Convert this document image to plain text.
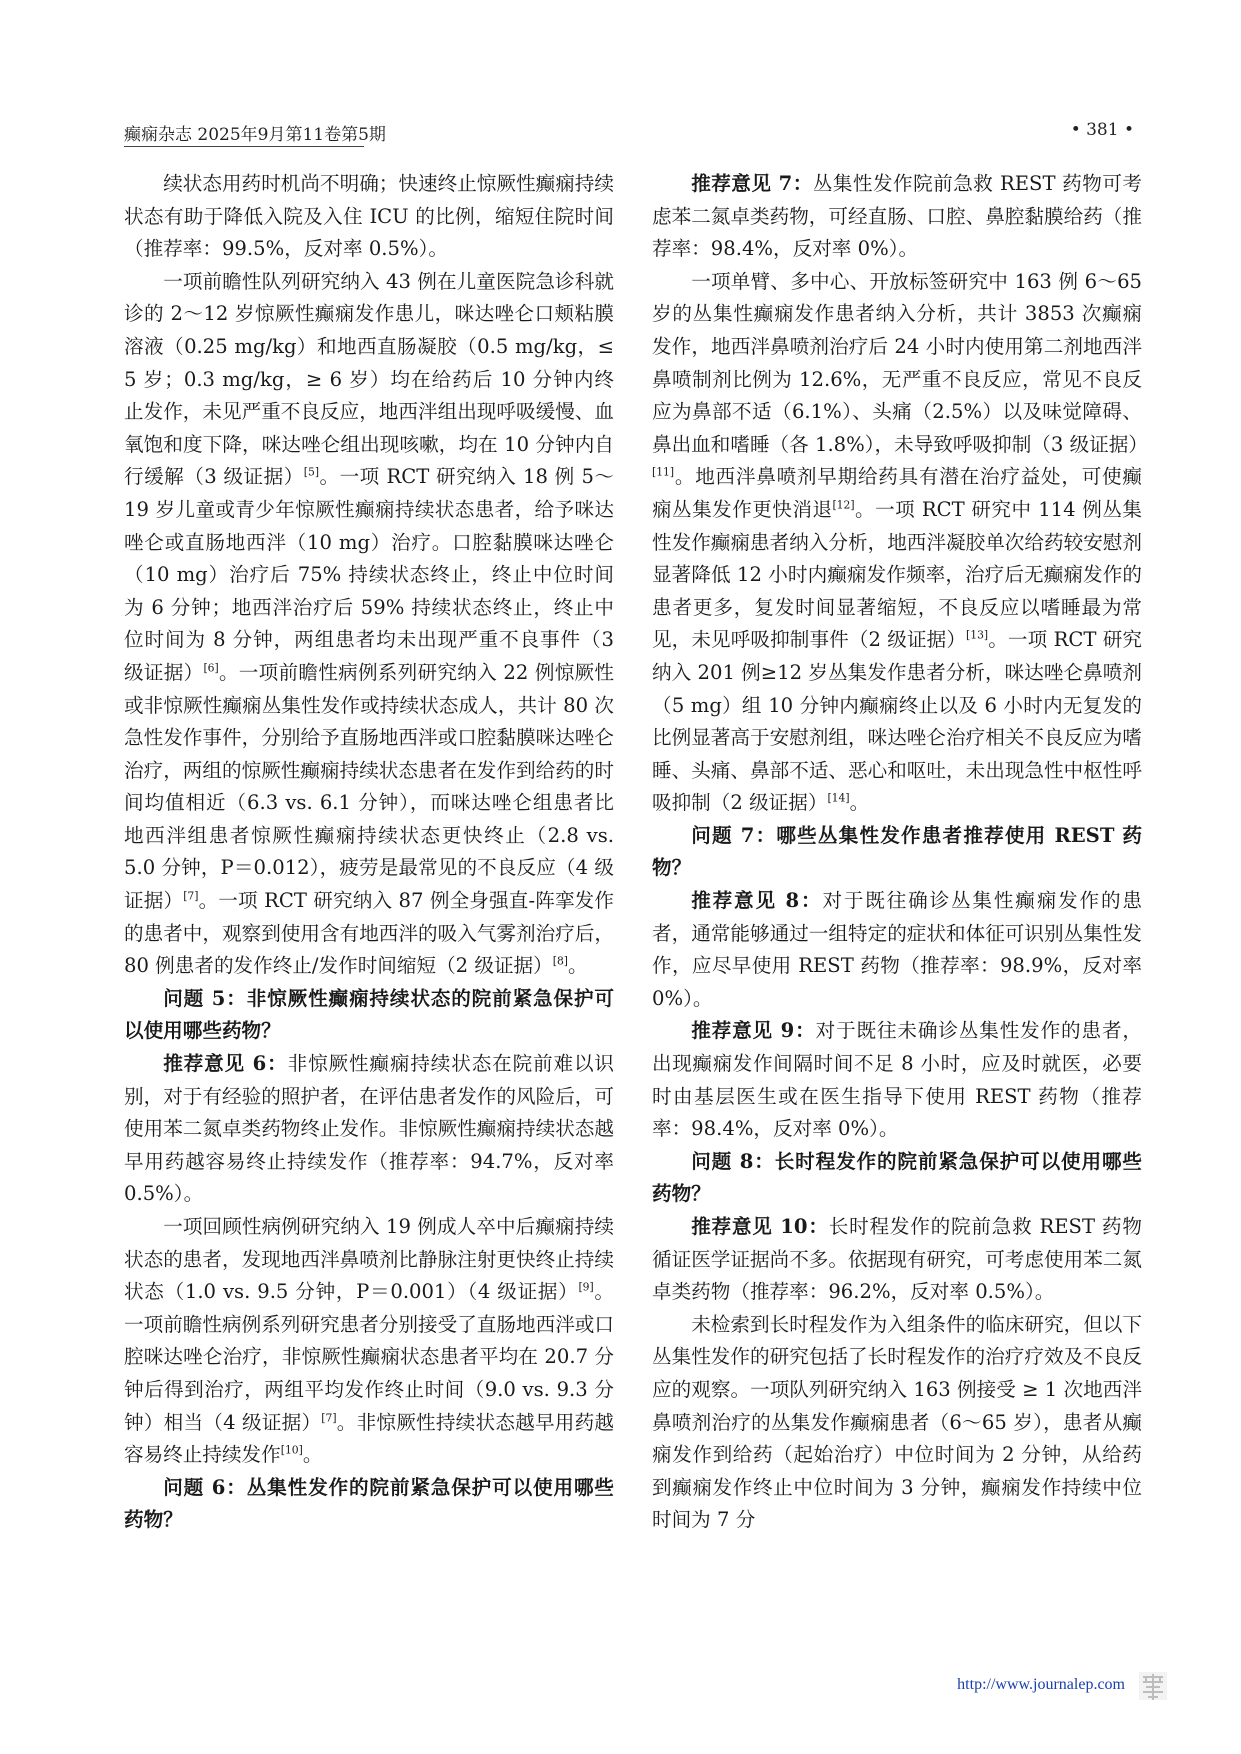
癫痫杂志 2025年9月第11卷第5期	• 381 •

续状态用药时机尚不明确；快速终止惊厥性癫痫持续状态有助于降低入院及入住 ICU 的比例，缩短住院时间（推荐率：99.5%，反对率 0.5%）。

一项前瞻性队列研究纳入 43 例在儿童医院急诊科就诊的 2～12 岁惊厥性癫痫发作患儿，咪达唑仑口颊粘膜溶液（0.25 mg/kg）和地西直肠凝胶（0.5 mg/kg，≤ 5 岁；0.3 mg/kg，≥ 6 岁）均在给药后 10 分钟内终止发作，未见严重不良反应，地西泮组出现呼吸缓慢、血氧饱和度下降，咪达唑仑组出现咳嗽，均在 10 分钟内自行缓解（3 级证据）[5]。一项 RCT 研究纳入 18 例 5～19 岁儿童或青少年惊厥性癫痫持续状态患者，给予咪达唑仑或直肠地西泮（10 mg）治疗。口腔黏膜咪达唑仑（10 mg）治疗后 75% 持续状态终止，终止中位时间为 6 分钟；地西泮治疗后 59% 持续状态终止，终止中位时间为 8 分钟，两组患者均未出现严重不良事件（3 级证据）[6]。一项前瞻性病例系列研究纳入 22 例惊厥性或非惊厥性癫痫丛集性发作或持续状态成人，共计 80 次急性发作事件，分别给予直肠地西泮或口腔黏膜咪达唑仑治疗，两组的惊厥性癫痫持续状态患者在发作到给药的时间均值相近（6.3 vs. 6.1 分钟），而咪达唑仑组患者比地西泮组患者惊厥性癫痫持续状态更快终止（2.8 vs. 5.0 分钟，P＝0.012），疲劳是最常见的不良反应（4 级证据）[7]。一项 RCT 研究纳入 87 例全身强直-阵挛发作的患者中，观察到使用含有地西泮的吸入气雾剂治疗后，80 例患者的发作终止/发作时间缩短（2 级证据）[8]。

问题 5：非惊厥性癫痫持续状态的院前紧急保护可以使用哪些药物？

推荐意见 6：非惊厥性癫痫持续状态在院前难以识别，对于有经验的照护者，在评估患者发作的风险后，可使用苯二氮卓类药物终止发作。非惊厥性癫痫持续状态越早用药越容易终止持续发作（推荐率：94.7%，反对率 0.5%）。

一项回顾性病例研究纳入 19 例成人卒中后癫痫持续状态的患者，发现地西泮鼻喷剂比静脉注射更快终止持续状态（1.0 vs. 9.5 分钟，P＝0.001）（4 级证据）[9]。一项前瞻性病例系列研究患者分别接受了直肠地西泮或口腔咪达唑仑治疗，非惊厥性癫痫状态患者平均在 20.7 分钟后得到治疗，两组平均发作终止时间（9.0 vs. 9.3 分钟）相当（4 级证据）[7]。非惊厥性持续状态越早用药越容易终止持续发作[10]。

问题 6：丛集性发作的院前紧急保护可以使用哪些药物？

推荐意见 7：丛集性发作院前急救 REST 药物可考虑苯二氮卓类药物，可经直肠、口腔、鼻腔黏膜给药（推荐率：98.4%，反对率 0%）。

一项单臂、多中心、开放标签研究中 163 例 6～65 岁的丛集性癫痫发作患者纳入分析，共计 3853 次癫痫发作，地西泮鼻喷剂治疗后 24 小时内使用第二剂地西泮鼻喷制剂比例为 12.6%，无严重不良反应，常见不良反应为鼻部不适（6.1%）、头痛（2.5%）以及味觉障碍、鼻出血和嗜睡（各 1.8%），未导致呼吸抑制（3 级证据）[11]。地西泮鼻喷剂早期给药具有潜在治疗益处，可使癫痫丛集发作更快消退[12]。一项 RCT 研究中 114 例丛集性发作癫痫患者纳入分析，地西泮凝胶单次给药较安慰剂显著降低 12 小时内癫痫发作频率，治疗后无癫痫发作的患者更多，复发时间显著缩短，不良反应以嗜睡最为常见，未见呼吸抑制事件（2 级证据）[13]。一项 RCT 研究纳入 201 例≥12 岁丛集发作患者分析，咪达唑仑鼻喷剂（5 mg）组 10 分钟内癫痫终止以及 6 小时内无复发的比例显著高于安慰剂组，咪达唑仑治疗相关不良反应为嗜睡、头痛、鼻部不适、恶心和呕吐，未出现急性中枢性呼吸抑制（2 级证据）[14]。

问题 7：哪些丛集性发作患者推荐使用 REST 药物？

推荐意见 8：对于既往确诊丛集性癫痫发作的患者，通常能够通过一组特定的症状和体征可识别丛集性发作，应尽早使用 REST 药物（推荐率：98.9%，反对率 0%）。

推荐意见 9：对于既往未确诊丛集性发作的患者，出现癫痫发作间隔时间不足 8 小时，应及时就医，必要时由基层医生或在医生指导下使用 REST 药物（推荐率：98.4%，反对率 0%）。

问题 8：长时程发作的院前紧急保护可以使用哪些药物？

推荐意见 10：长时程发作的院前急救 REST 药物循证医学证据尚不多。依据现有研究，可考虑使用苯二氮卓类药物（推荐率：96.2%，反对率 0.5%）。

未检索到长时程发作为入组条件的临床研究，但以下丛集性发作的研究包括了长时程发作的治疗疗效及不良反应的观察。一项队列研究纳入 163 例接受 ≥ 1 次地西泮鼻喷剂治疗的丛集发作癫痫患者（6～65 岁），患者从癫痫发作到给药（起始治疗）中位时间为 2 分钟，从给药到癫痫发作终止中位时间为 3 分钟，癫痫发作持续中位时间为 7 分

http://www.journalep.com
